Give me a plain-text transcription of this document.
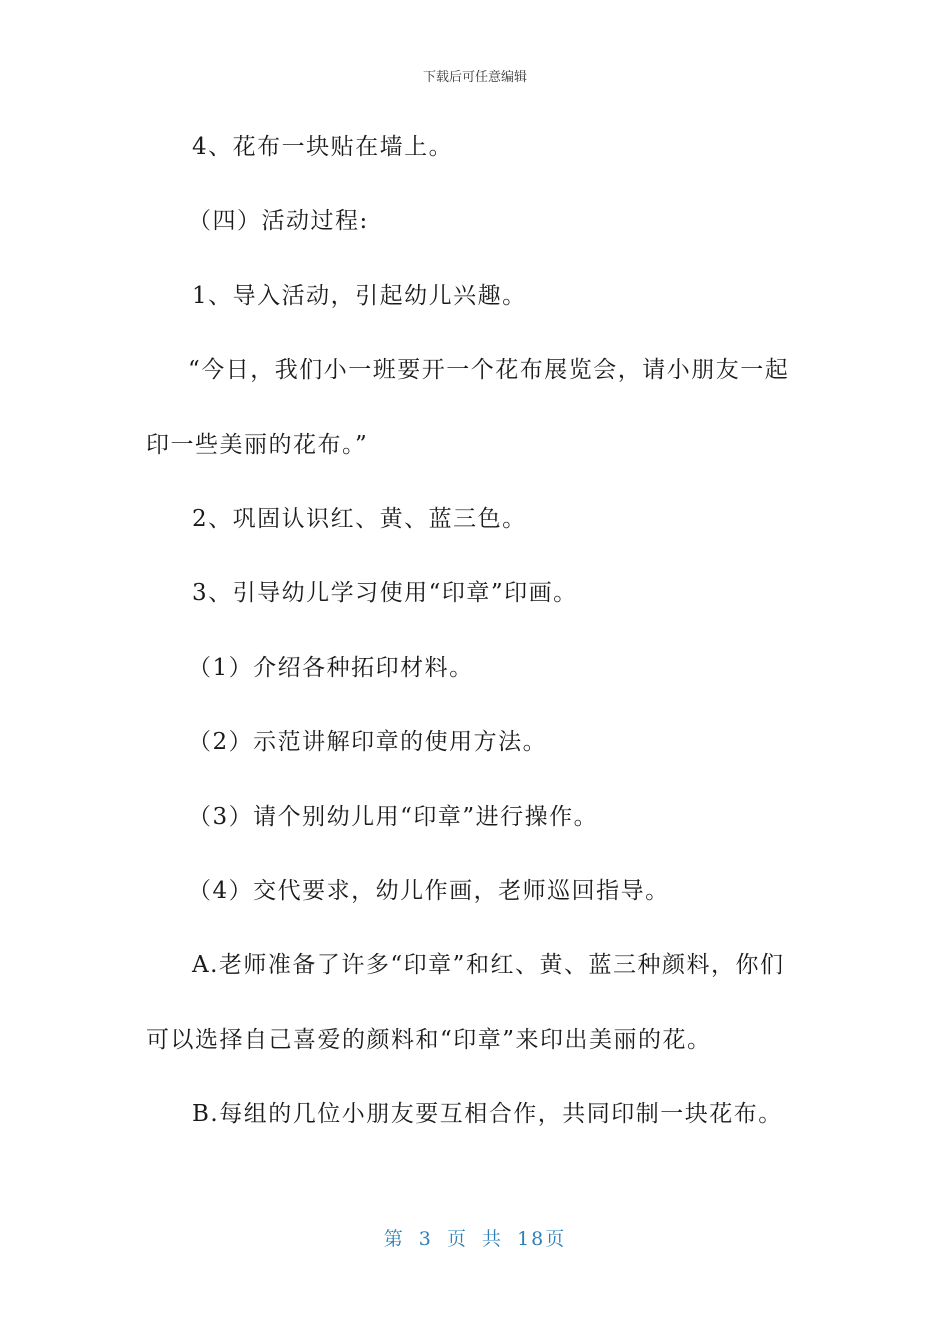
下载后可任意编辑
4、花布一块贴在墙上。
（四）活动过程:
1、导入活动，引起幼儿兴趣。
“今日，我们小一班要开一个花布展览会，请小朋友一起
印一些美丽的花布。”
2、巩固认识红、黄、蓝三色。
3、引导幼儿学习使用“印章”印画。
（1）介绍各种拓印材料。
（2）示范讲解印章的使用方法。
（3）请个别幼儿用“印章”进行操作。
（4）交代要求，幼儿作画，老师巡回指导。
A.老师准备了许多“印章”和红、黄、蓝三种颜料，你们
可以选择自己喜爱的颜料和“印章”来印出美丽的花。
B.每组的几位小朋友要互相合作，共同印制一块花布。
第 3 页 共 18页
